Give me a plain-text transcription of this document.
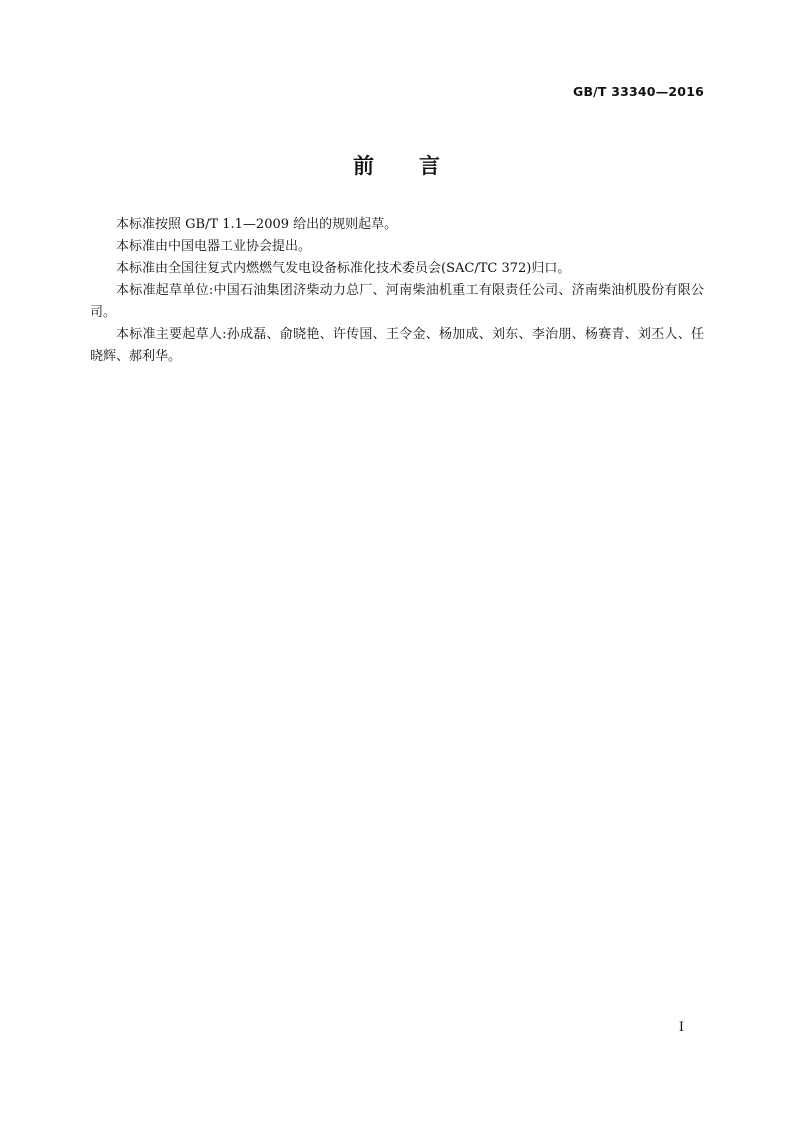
GB/T 33340—2016
前　　言

本标准按照 GB/T 1.1—2009 给出的规则起草。

本标准由中国电器工业协会提出。

本标准由全国往复式内燃燃气发电设备标准化技术委员会(SAC/TC 372)归口。

本标准起草单位:中国石油集团济柴动力总厂、河南柴油机重工有限责任公司、济南柴油机股份有限公司。

本标准主要起草人:孙成磊、俞晓艳、许传国、王令金、杨加成、刘东、李治朋、杨赛青、刘丕人、任晓辉、郝利华。

I
